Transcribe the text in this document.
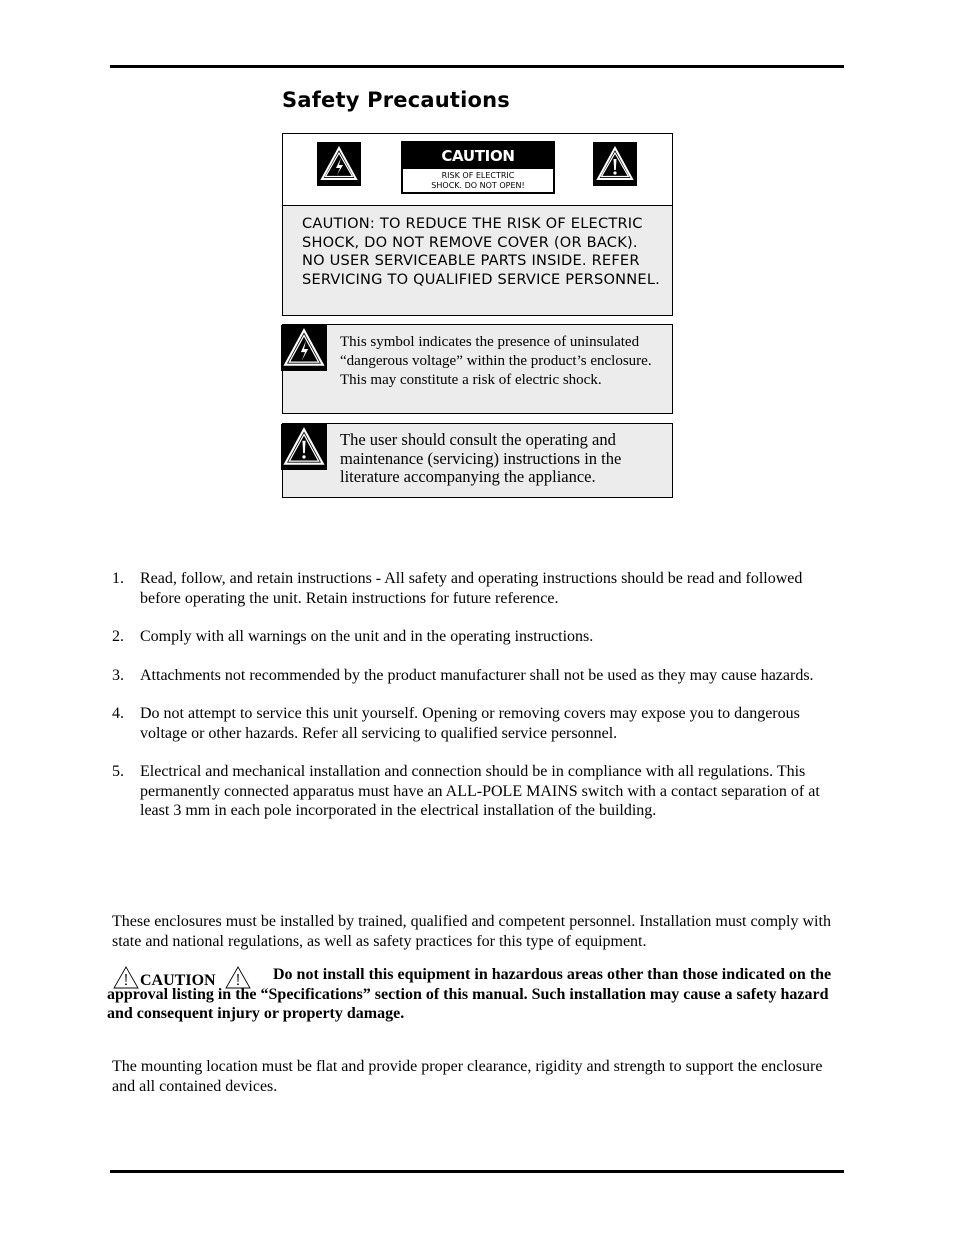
Safety Precautions
CAUTION
RISK OF ELECTRIC
SHOCK. DO NOT OPEN!

CAUTION: TO REDUCE THE RISK OF ELECTRIC SHOCK, DO NOT REMOVE COVER (OR BACK). NO USER SERVICEABLE PARTS INSIDE. REFER SERVICING TO QUALIFIED SERVICE PERSONNEL.

This symbol indicates the presence of uninsulated “dangerous voltage” within the product’s enclosure. This may constitute a risk of electric shock.

The user should consult the operating and maintenance (servicing) instructions in the literature accompanying the appliance.

1. Read, follow, and retain instructions - All safety and operating instructions should be read and followed before operating the unit. Retain instructions for future reference.
2. Comply with all warnings on the unit and in the operating instructions.
3. Attachments not recommended by the product manufacturer shall not be used as they may cause hazards.
4. Do not attempt to service this unit yourself. Opening or removing covers may expose you to dangerous voltage or other hazards. Refer all servicing to qualified service personnel.
5. Electrical and mechanical installation and connection should be in compliance with all regulations. This permanently connected apparatus must have an ALL-POLE MAINS switch with a contact separation of at least 3 mm in each pole incorporated in the electrical installation of the building.

These enclosures must be installed by trained, qualified and competent personnel. Installation must comply with state and national regulations, as well as safety practices for this type of equipment.

CAUTION	Do not install this equipment in hazardous areas other than those indicated on the approval listing in the “Specifications” section of this manual. Such installation may cause a safety hazard and consequent injury or property damage.

The mounting location must be flat and provide proper clearance, rigidity and strength to support the enclosure and all contained devices.
